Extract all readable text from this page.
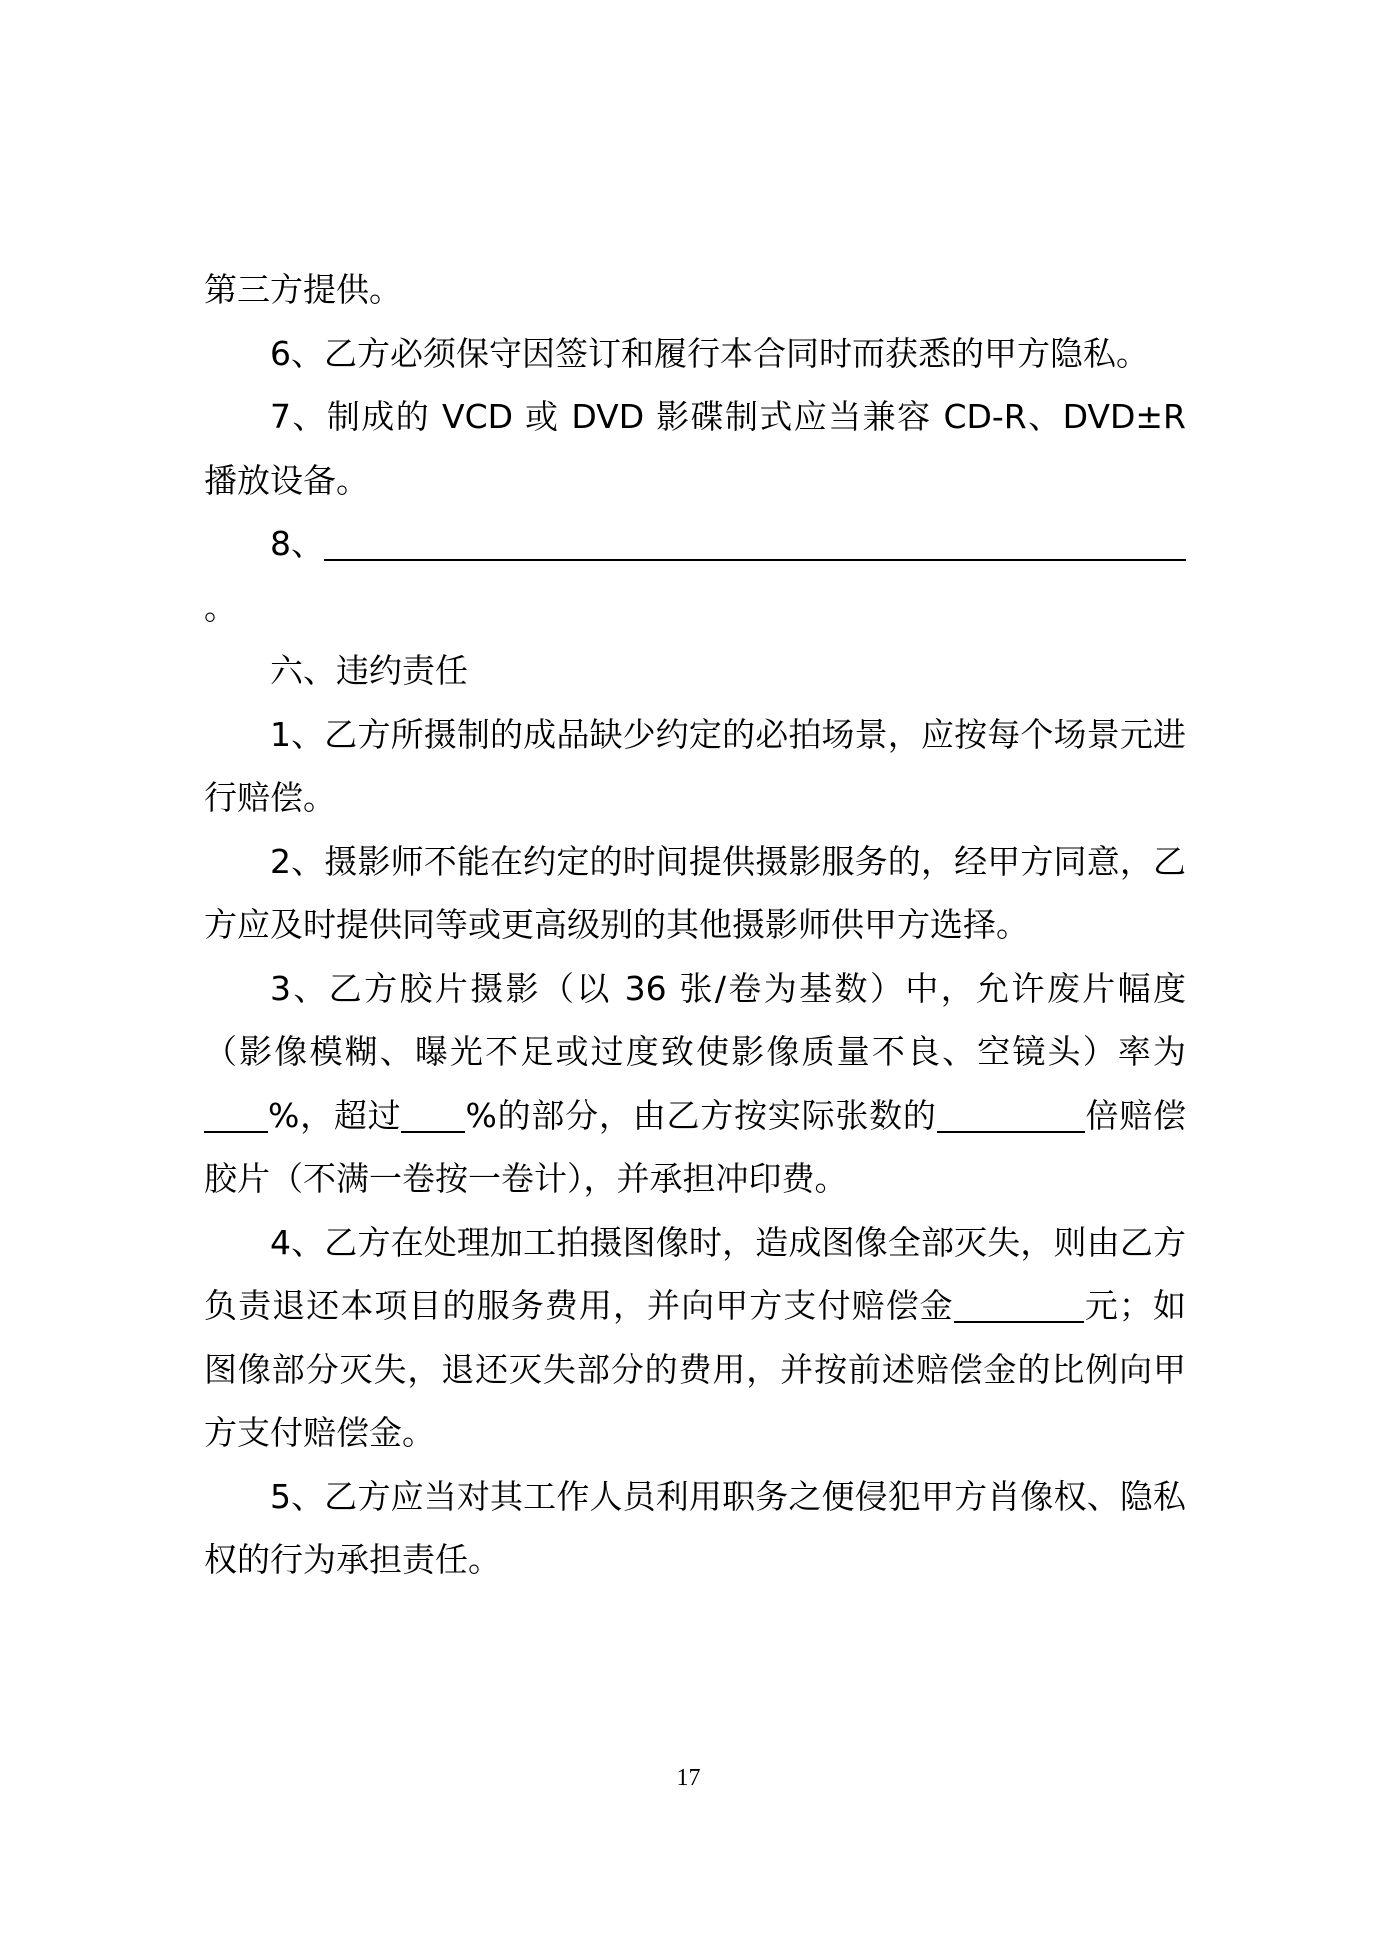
第三方提供。

6、乙方必须保守因签订和履行本合同时而获悉的甲方隐私。

7、制成的 VCD 或 DVD 影碟制式应当兼容 CD-R、DVD±R 播放设备。

8、。

六、违约责任

1、乙方所摄制的成品缺少约定的必拍场景，应按每个场景元进行赔偿。

2、摄影师不能在约定的时间提供摄影服务的，经甲方同意，乙方应及时提供同等或更高级别的其他摄影师供甲方选择。

3、乙方胶片摄影（以 36 张/卷为基数）中，允许废片幅度（影像模糊、曝光不足或过度致使影像质量不良、空镜头）率为%，超过 %的部分，由乙方按实际张数的	倍赔偿胶片（不满一卷按一卷计），并承担冲印费。

4、乙方在处理加工拍摄图像时，造成图像全部灭失，则由乙方负责退还本项目的服务费用，并向甲方支付赔偿金	元；如图像部分灭失，退还灭失部分的费用，并按前述赔偿金的比例向甲方支付赔偿金。

5、乙方应当对其工作人员利用职务之便侵犯甲方肖像权、隐私权的行为承担责任。

17
